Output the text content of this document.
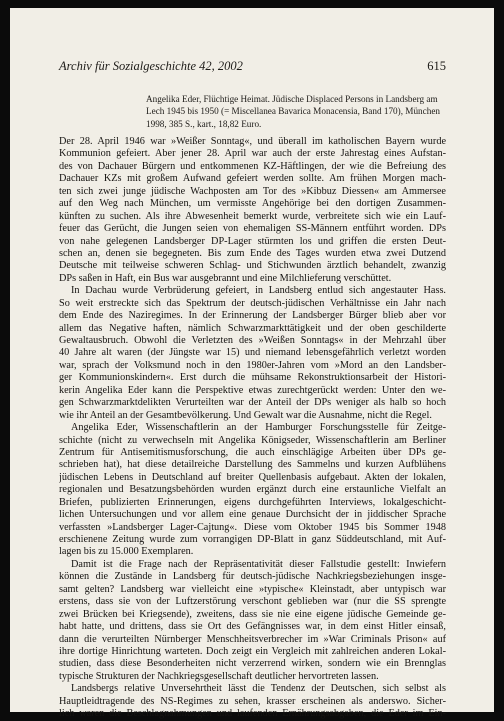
Archiv für Sozialgeschichte 42, 2002	615
Angelika Eder, Flüchtige Heimat. Jüdische Displaced Persons in Landsberg am
Lech 1945 bis 1950 (= Miscellanea Bavarica Monacensia, Band 170), München
1998, 385 S., kart., 18,82 Euro.
Der 28. April 1946 war »Weißer Sonntag«, und überall im katholischen Bayern wurde
Kommunion gefeiert. Aber jener 28. April war auch der erste Jahrestag eines Aufstan-
des von Dachauer Bürgern und entkommenen KZ-Häftlingen, der wie die Befreiung des
Dachauer KZs mit großem Aufwand gefeiert werden sollte. Am frühen Morgen mach-
ten sich zwei junge jüdische Wachposten am Tor des »Kibbuz Diessen« am Ammersee
auf den Weg nach München, um vermisste Angehörige bei den dortigen Zusammen-
künften zu suchen. Als ihre Abwesenheit bemerkt wurde, verbreitete sich wie ein Lauf-
feuer das Gerücht, die Jungen seien von ehemaligen SS-Männern entführt worden. DPs
von nahe gelegenen Landsberger DP-Lager stürmten los und griffen die ersten Deut-
schen an, denen sie begegneten. Bis zum Ende des Tages wurden etwa zwei Dutzend
Deutsche mit teilweise schweren Schlag- und Stichwunden ärztlich behandelt, zwanzig
DPs saßen in Haft, ein Bus war ausgebrannt und eine Milchlieferung verschüttet.
In Dachau wurde Verbrüderung gefeiert, in Landsberg entlud sich angestauter Hass.
So weit erstreckte sich das Spektrum der deutsch-jüdischen Verhältnisse ein Jahr nach
dem Ende des Naziregimes. In der Erinnerung der Landsberger Bürger blieb aber vor
allem das Negative haften, nämlich Schwarzmarkttätigkeit und der oben geschilderte
Gewaltausbruch. Obwohl die Verletzten des »Weißen Sonntags« in der Mehrzahl über
40 Jahre alt waren (der Jüngste war 15) und niemand lebensgefährlich verletzt worden
war, sprach der Volksmund noch in den 1980er-Jahren vom »Mord an den Landsber-
ger Kommunionskindern«. Erst durch die mühsame Rekonstruktionsarbeit der Histori-
kerin Angelika Eder kann die Perspektive etwas zurechtgerückt werden: Unter den we-
gen Schwarzmarktdelikten Verurteilten war der Anteil der DPs weniger als halb so hoch
wie ihr Anteil an der Gesamtbevölkerung. Und Gewalt war die Ausnahme, nicht die Regel.
Angelika Eder, Wissenschaftlerin an der Hamburger Forschungsstelle für Zeitge-
schichte (nicht zu verwechseln mit Angelika Königseder, Wissenschaftlerin am Berliner
Zentrum für Antisemitismusforschung, die auch einschlägige Arbeiten über DPs ge-
schrieben hat), hat diese detailreiche Darstellung des Sammelns und kurzen Aufblühens
jüdischen Lebens in Deutschland auf breiter Quellenbasis aufgebaut. Akten der lokalen,
regionalen und Besatzungsbehörden wurden ergänzt durch eine erstaunliche Vielfalt an
Briefen, publizierten Erinnerungen, eigens durchgeführten Interviews, lokalgeschicht-
lichen Untersuchungen und vor allem eine genaue Durchsicht der in jiddischer Sprache
verfassten »Landsberger Lager-Cajtung«. Diese vom Oktober 1945 bis Sommer 1948
erschienene Zeitung wurde zum vorrangigen DP-Blatt in ganz Süddeutschland, mit Auf-
lagen bis zu 15.000 Exemplaren.
Damit ist die Frage nach der Repräsentativität dieser Fallstudie gestellt: Inwiefern
können die Zustände in Landsberg für deutsch-jüdische Nachkriegsbeziehungen insge-
samt gelten? Landsberg war vielleicht eine »typische« Kleinstadt, aber untypisch war
erstens, dass sie von der Luftzerstörung verschont geblieben war (nur die SS sprengte
zwei Brücken bei Kriegsende), zweitens, dass sie nie eine eigene jüdische Gemeinde ge-
habt hatte, und drittens, dass sie Ort des Gefängnisses war, in dem einst Hitler einsaß,
dann die verurteilten Nürnberger Menschheitsverbrecher im »War Criminals Prison« auf
ihre dortige Hinrichtung warteten. Doch zeigt ein Vergleich mit zahlreichen anderen Lokal-
studien, dass diese Besonderheiten nicht verzerrend wirken, sondern wie ein Brennglas
typische Strukturen der Nachkriegsgesellschaft deutlicher hervortreten lassen.
Landsbergs relative Unversehrtheit lässt die Tendenz der Deutschen, sich selbst als
Hauptleidtragende des NS-Regimes zu sehen, krasser erscheinen als anderswo. Sicher-
lich waren die Beschlagnahmungen und laufenden Ernährungsabgaben, die Eder im Ein-
